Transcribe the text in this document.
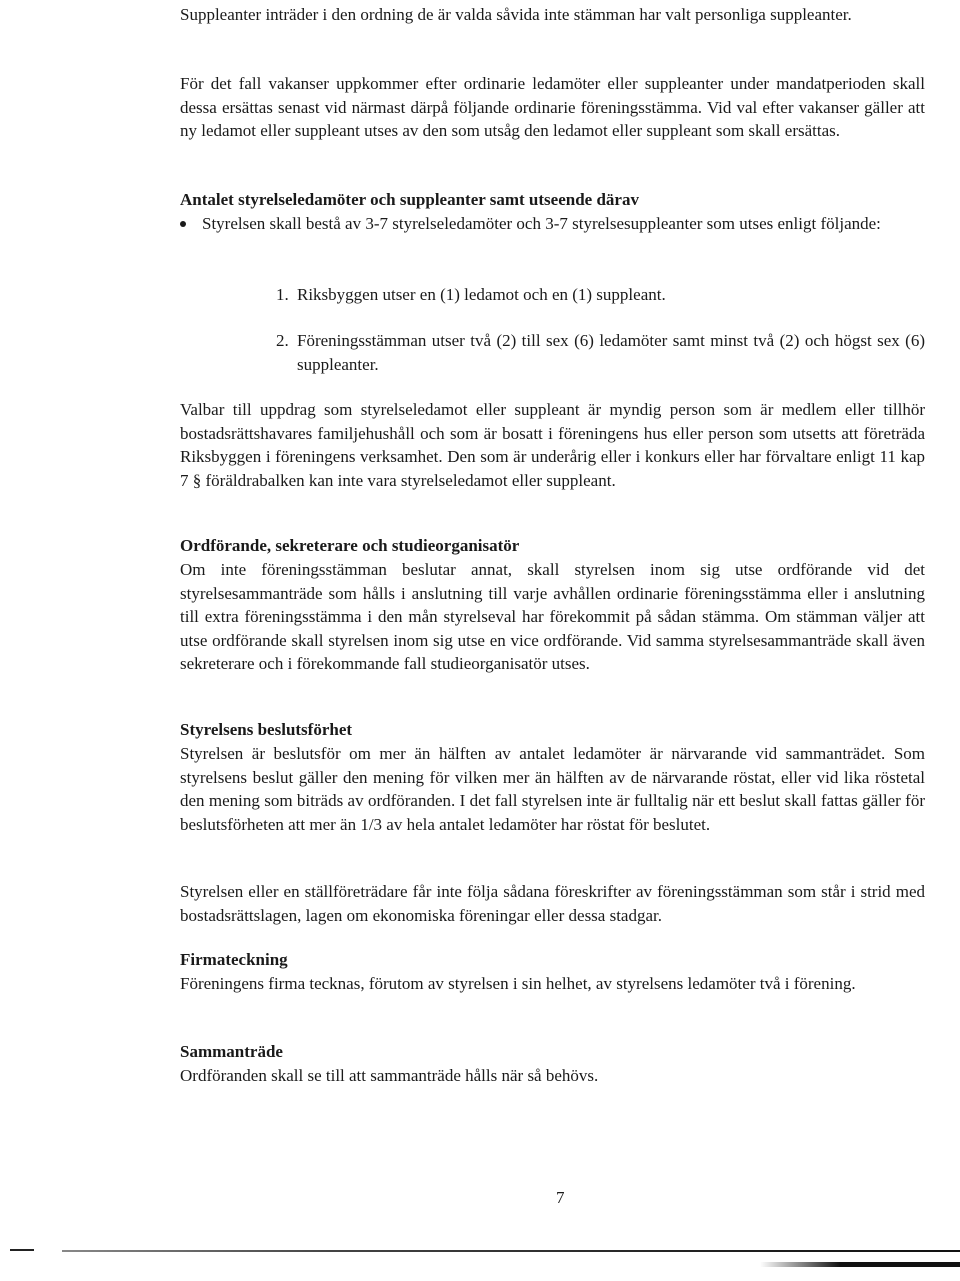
Suppleanter inträder i den ordning de är valda såvida inte stämman har valt personliga suppleanter.

För det fall vakanser uppkommer efter ordinarie ledamöter eller suppleanter under mandatperioden skall dessa ersättas senast vid närmast därpå följande ordinarie föreningsstämma. Vid val efter vakanser gäller att ny ledamot eller suppleant utses av den som utsåg den ledamot eller suppleant som skall ersättas.

Antalet styrelseledamöter och suppleanter samt utseende därav
Styrelsen skall bestå av 3-7 styrelseledamöter och 3-7 styrelsesuppleanter som utses enligt följande:
1. Riksbyggen utser en (1) ledamot och en (1) suppleant.
2. Föreningsstämman utser två (2) till sex (6) ledamöter samt minst två (2) och högst sex (6) suppleanter.

Valbar till uppdrag som styrelseledamot eller suppleant är myndig person som är medlem eller tillhör bostadsrättshavares familjehushåll och som är bosatt i föreningens hus eller person som utsetts att företräda Riksbyggen i föreningens verksamhet. Den som är underårig eller i konkurs eller har förvaltare enligt 11 kap 7 § föräldrabalken kan inte vara styrelseledamot eller suppleant.

Ordförande, sekreterare och studieorganisatör

Om inte föreningsstämman beslutar annat, skall styrelsen inom sig utse ordförande vid det styrelsesammanträde som hålls i anslutning till varje avhållen ordinarie föreningsstämma eller i anslutning till extra föreningsstämma i den mån styrelseval har förekommit på sådan stämma. Om stämman väljer att utse ordförande skall styrelsen inom sig utse en vice ordförande. Vid samma styrelsesammanträde skall även sekreterare och i förekommande fall studieorganisatör utses.

Styrelsens beslutsförhet

Styrelsen är beslutsför om mer än hälften av antalet ledamöter är närvarande vid sammanträdet. Som styrelsens beslut gäller den mening för vilken mer än hälften av de närvarande röstat, eller vid lika röstetal den mening som biträds av ordföranden. I det fall styrelsen inte är fulltalig när ett beslut skall fattas gäller för beslutsförheten att mer än 1/3 av hela antalet ledamöter har röstat för beslutet.

Styrelsen eller en ställföreträdare får inte följa sådana föreskrifter av föreningsstämman som står i strid med bostadsrättslagen, lagen om ekonomiska föreningar eller dessa stadgar.

Firmateckning

Föreningens firma tecknas, förutom av styrelsen i sin helhet, av styrelsens ledamöter två i förening.

Sammanträde

Ordföranden skall se till att sammanträde hålls när så behövs.

7
